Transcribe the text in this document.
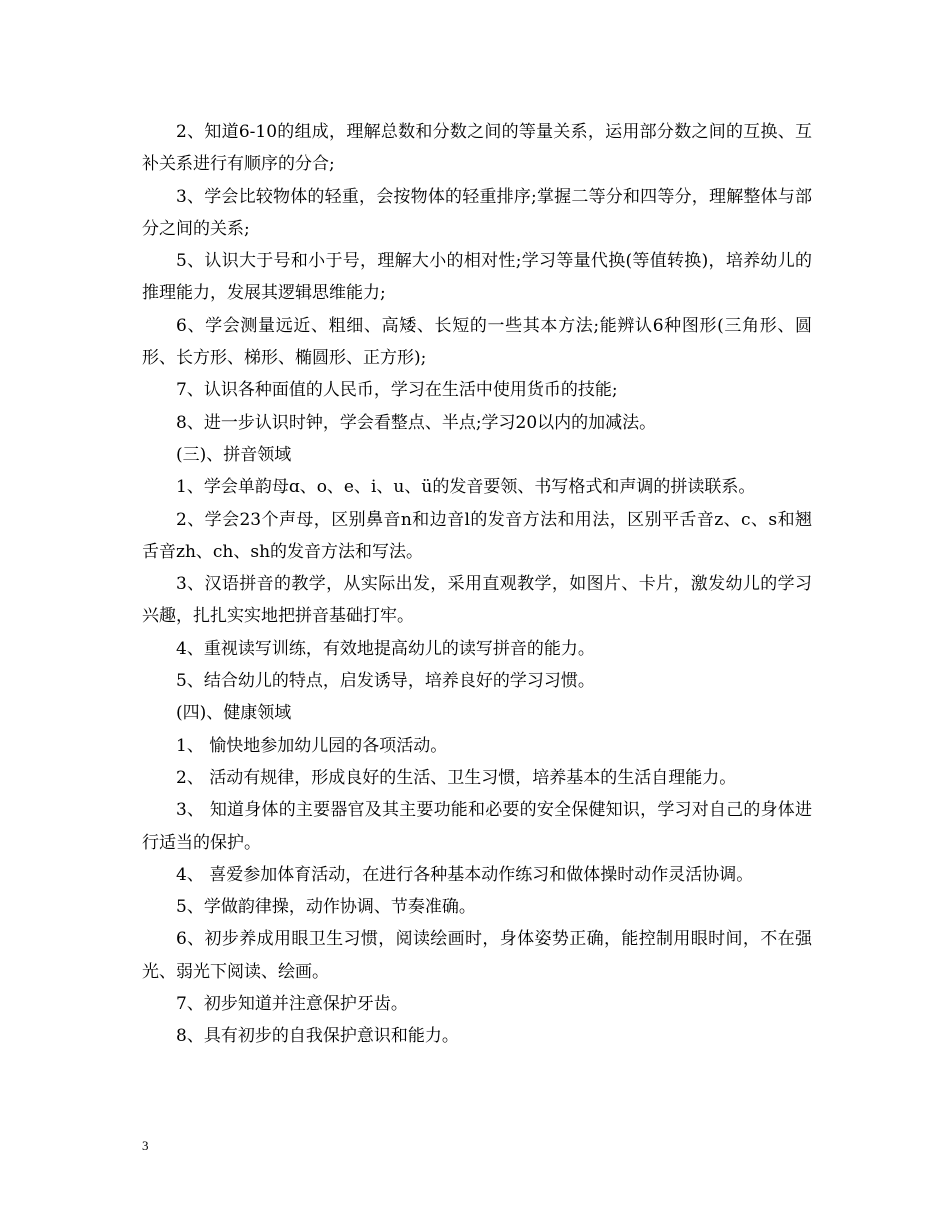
2、知道6-10的组成，理解总数和分数之间的等量关系，运用部分数之间的互换、互补关系进行有顺序的分合;

3、学会比较物体的轻重，会按物体的轻重排序;掌握二等分和四等分，理解整体与部分之间的关系;

5、认识大于号和小于号，理解大小的相对性;学习等量代换(等值转换)，培养幼儿的推理能力，发展其逻辑思维能力;

6、学会测量远近、粗细、高矮、长短的一些其本方法;能辨认6种图形(三角形、圆形、长方形、梯形、椭圆形、正方形);

7、认识各种面值的人民币，学习在生活中使用货币的技能;

8、进一步认识时钟，学会看整点、半点;学习20以内的加减法。

(三)、拼音领域

1、学会单韵母ɑ、o、e、i、u、ü的发音要领、书写格式和声调的拼读联系。

2、学会23个声母，区别鼻音n和边音l的发音方法和用法，区别平舌音z、c、s和翘舌音zh、ch、sh的发音方法和写法。

3、汉语拼音的教学，从实际出发，采用直观教学，如图片、卡片，激发幼儿的学习兴趣，扎扎实实地把拼音基础打牢。

4、重视读写训练，有效地提高幼儿的读写拼音的能力。

5、结合幼儿的特点，启发诱导，培养良好的学习习惯。

(四)、健康领域

1、 愉快地参加幼儿园的各项活动。

2、 活动有规律，形成良好的生活、卫生习惯，培养基本的生活自理能力。

3、 知道身体的主要器官及其主要功能和必要的安全保健知识，学习对自己的身体进行适当的保护。

4、 喜爱参加体育活动，在进行各种基本动作练习和做体操时动作灵活协调。

5、学做韵律操，动作协调、节奏准确。

6、初步养成用眼卫生习惯，阅读绘画时，身体姿势正确，能控制用眼时间，不在强光、弱光下阅读、绘画。

7、初步知道并注意保护牙齿。

8、具有初步的自我保护意识和能力。

3
